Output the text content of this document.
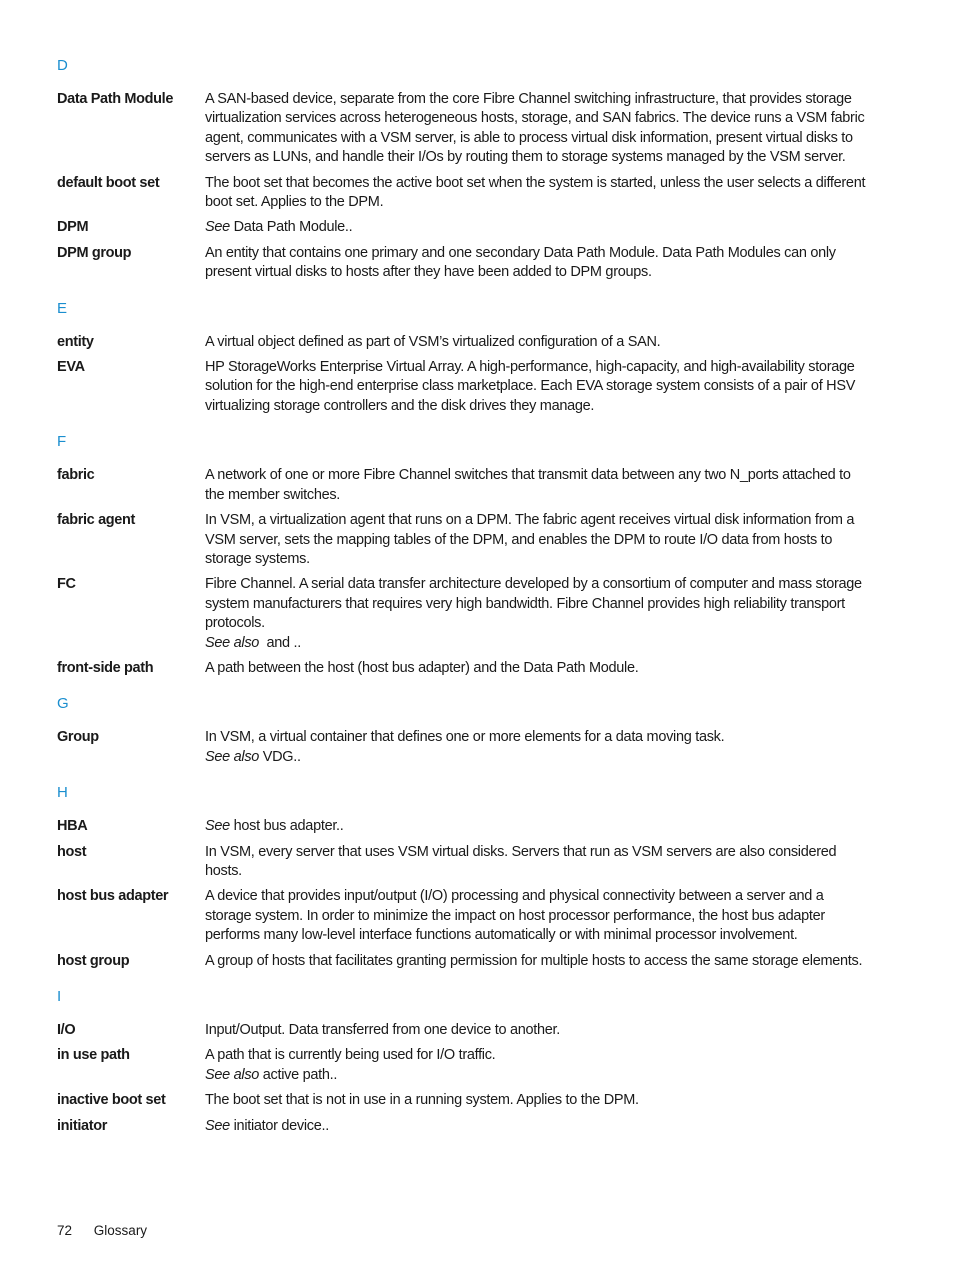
D
Data Path Module	A SAN-based device, separate from the core Fibre Channel switching infrastructure, that provides storage virtualization services across heterogeneous hosts, storage, and SAN fabrics. The device runs a VSM fabric agent, communicates with a VSM server, is able to process virtual disk information, present virtual disks to servers as LUNs, and handle their I/Os by routing them to storage systems managed by the VSM server.
default boot set	The boot set that becomes the active boot set when the system is started, unless the user selects a different boot set. Applies to the DPM.
DPM	See Data Path Module..
DPM group	An entity that contains one primary and one secondary Data Path Module. Data Path Modules can only present virtual disks to hosts after they have been added to DPM groups.
E
entity	A virtual object defined as part of VSM’s virtualized configuration of a SAN.
EVA	HP StorageWorks Enterprise Virtual Array. A high-performance, high-capacity, and high-availability storage solution for the high-end enterprise class marketplace. Each EVA storage system consists of a pair of HSV virtualizing storage controllers and the disk drives they manage.
F
fabric	A network of one or more Fibre Channel switches that transmit data between any two N_ports attached to the member switches.
fabric agent	In VSM, a virtualization agent that runs on a DPM. The fabric agent receives virtual disk information from a VSM server, sets the mapping tables of the DPM, and enables the DPM to route I/O data from hosts to storage systems.
FC	Fibre Channel. A serial data transfer architecture developed by a consortium of computer and mass storage system manufacturers that requires very high bandwidth. Fibre Channel provides high reliability transport protocols.
See also  and ..
front-side path	A path between the host (host bus adapter) and the Data Path Module.
G
Group	In VSM, a virtual container that defines one or more elements for a data moving task.
See also VDG..
H
HBA	See host bus adapter..
host	In VSM, every server that uses VSM virtual disks. Servers that run as VSM servers are also considered hosts.
host bus adapter	A device that provides input/output (I/O) processing and physical connectivity between a server and a storage system. In order to minimize the impact on host processor performance, the host bus adapter performs many low-level interface functions automatically or with minimal processor involvement.
host group	A group of hosts that facilitates granting permission for multiple hosts to access the same storage elements.
I
I/O	Input/Output. Data transferred from one device to another.
in use path	A path that is currently being used for I/O traffic.
See also active path..
inactive boot set	The boot set that is not in use in a running system. Applies to the DPM.
initiator	See initiator device..
72 Glossary
